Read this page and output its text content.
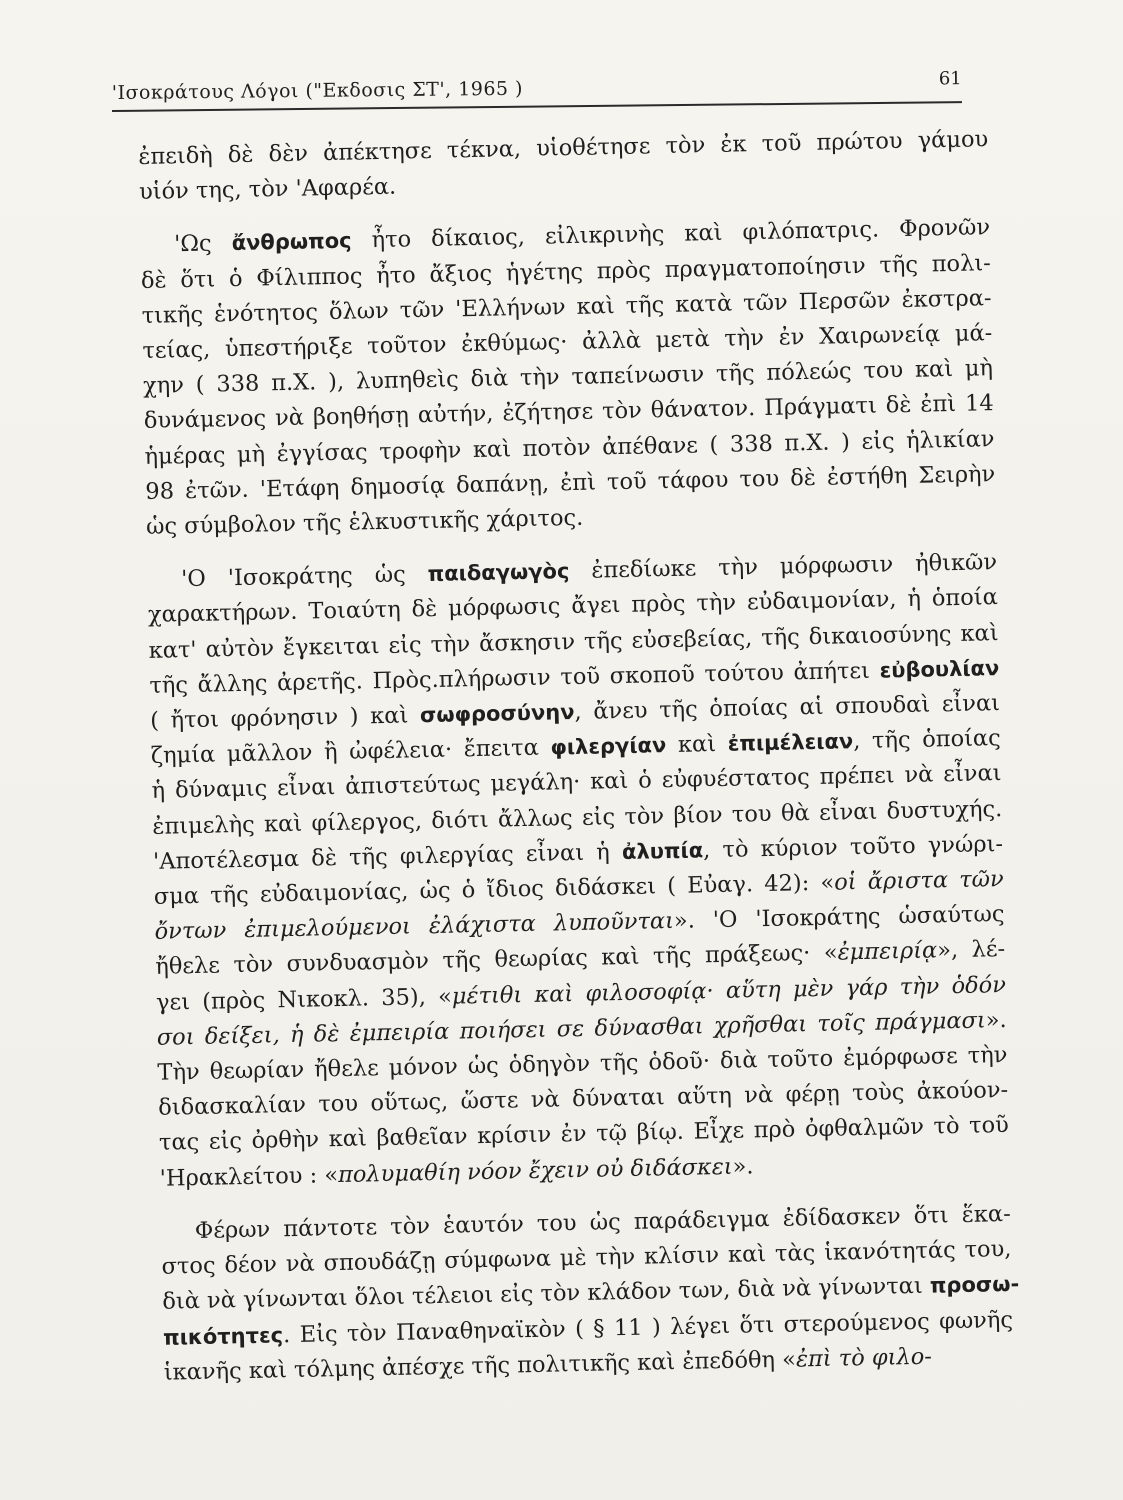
'Ισοκράτους Λόγοι ("Εκδοσις ΣΤ', 1965 )	61
ἐπειδὴ δὲ δὲν ἀπέκτησε τέκνα, υἱοθέτησε τὸν ἐκ τοῦ πρώτου γάμου
υἱόν της, τὸν 'Αφαρέα.
'Ως ἄνθρωπος ἦτο δίκαιος, εἰλικρινὴς καὶ φιλόπατρις. Φρονῶν
δὲ ὅτι ὁ Φίλιππος ἦτο ἄξιος ἡγέτης πρὸς πραγματοποίησιν τῆς πολι-
τικῆς ἑνότητος ὅλων τῶν 'Ελλήνων καὶ τῆς κατὰ τῶν Περσῶν ἐκστρα-
τείας, ὑπεστήριξε τοῦτον ἐκθύμως· ἀλλὰ μετὰ τὴν ἐν Χαιρωνείᾳ μά-
χην ( 338 π.Χ. ), λυπηθεὶς διὰ τὴν ταπείνωσιν τῆς πόλεώς του καὶ μὴ
δυνάμενος νὰ βοηθήσῃ αὐτήν, ἐζήτησε τὸν θάνατον. Πράγματι δὲ ἐπὶ 14
ἡμέρας μὴ ἐγγίσας τροφὴν καὶ ποτὸν ἀπέθανε ( 338 π.Χ. ) εἰς ἡλικίαν
98 ἐτῶν. 'Ετάφη δημοσίᾳ δαπάνῃ, ἐπὶ τοῦ τάφου του δὲ ἐστήθη Σειρὴν
ὡς σύμβολον τῆς ἑλκυστικῆς χάριτος.
'Ο 'Ισοκράτης ὡς παιδαγωγὸς ἐπεδίωκε τὴν μόρφωσιν ἠθικῶν
χαρακτήρων. Τοιαύτη δὲ μόρφωσις ἄγει πρὸς τὴν εὐδαιμονίαν, ἡ ὁποία
κατ' αὐτὸν ἔγκειται εἰς τὴν ἄσκησιν τῆς εὐσεβείας, τῆς δικαιοσύνης καὶ
τῆς ἄλλης ἀρετῆς. Πρὸς.πλήρωσιν τοῦ σκοποῦ τούτου ἀπήτει εὐβουλίαν
( ἤτοι φρόνησιν ) καὶ σωφροσύνην, ἄνευ τῆς ὁποίας αἱ σπουδαὶ εἶναι
ζημία μᾶλλον ἢ ὠφέλεια· ἔπειτα φιλεργίαν καὶ ἐπιμέλειαν, τῆς ὁποίας
ἡ δύναμις εἶναι ἀπιστεύτως μεγάλη· καὶ ὁ εὐφυέστατος πρέπει νὰ εἶναι
ἐπιμελὴς καὶ φίλεργος, διότι ἄλλως εἰς τὸν βίον του θὰ εἶναι δυστυχής.
'Αποτέλεσμα δὲ τῆς φιλεργίας εἶναι ἡ ἀλυπία, τὸ κύριον τοῦτο γνώρι-
σμα τῆς εὐδαιμονίας, ὡς ὁ ἴδιος διδάσκει ( Εὐαγ. 42): «οἱ ἄριστα τῶν
ὄντων ἐπιμελούμενοι ἐλάχιστα λυποῦνται». 'Ο 'Ισοκράτης ὡσαύτως
ἤθελε τὸν συνδυασμὸν τῆς θεωρίας καὶ τῆς πράξεως· «ἐμπειρίᾳ», λέ-
γει (πρὸς Νικοκλ. 35), «μέτιθι καὶ φιλοσοφίᾳ· αὕτη μὲν γάρ τὴν ὁδόν
σοι δείξει, ἡ δὲ ἐμπειρία ποιήσει σε δύνασθαι χρῆσθαι τοῖς πράγμασι».
Τὴν θεωρίαν ἤθελε μόνον ὡς ὁδηγὸν τῆς ὁδοῦ· διὰ τοῦτο ἐμόρφωσε τὴν
διδασκαλίαν του οὕτως, ὥστε νὰ δύναται αὕτη νὰ φέρῃ τοὺς ἀκούον-
τας εἰς ὀρθὴν καὶ βαθεῖαν κρίσιν ἐν τῷ βίῳ. Εἶχε πρὸ ὀφθαλμῶν τὸ τοῦ
'Ηρακλείτου : «πολυμαθίη νόον ἔχειν οὐ διδάσκει».
Φέρων πάντοτε τὸν ἑαυτόν του ὡς παράδειγμα ἐδίδασκεν ὅτι ἕκα-
στος δέον νὰ σπουδάζῃ σύμφωνα μὲ τὴν κλίσιν καὶ τὰς ἱκανότητάς του,
διὰ νὰ γίνωνται ὅλοι τέλειοι εἰς τὸν κλάδον των, διὰ νὰ γίνωνται προσω-
πικότητες. Εἰς τὸν Παναθηναϊκὸν ( § 11 ) λέγει ὅτι στερούμενος φωνῆς
ἱκανῆς καὶ τόλμης ἀπέσχε τῆς πολιτικῆς καὶ ἐπεδόθη «ἐπὶ τὸ φιλο-
